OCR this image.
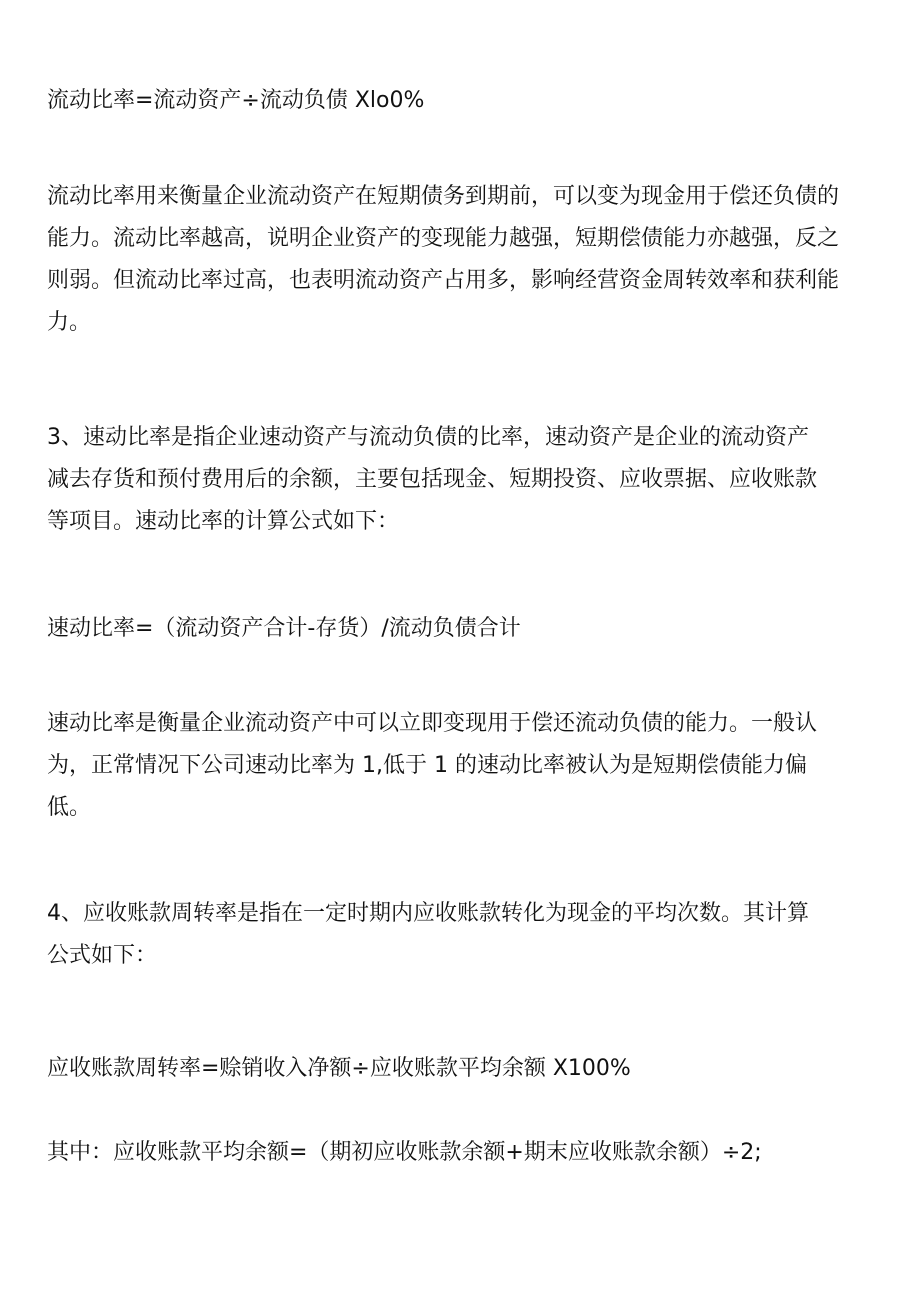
流动比率=流动资产÷流动负债 Xlo0%

流动比率用来衡量企业流动资产在短期债务到期前，可以变为现金用于偿还负债的
能力。流动比率越高，说明企业资产的变现能力越强，短期偿债能力亦越强，反之
则弱。但流动比率过高，也表明流动资产占用多，影响经营资金周转效率和获利能
力。

3、速动比率是指企业速动资产与流动负债的比率，速动资产是企业的流动资产
减去存货和预付费用后的余额，主要包括现金、短期投资、应收票据、应收账款
等项目。速动比率的计算公式如下：

速动比率=（流动资产合计-存货）/流动负债合计

速动比率是衡量企业流动资产中可以立即变现用于偿还流动负债的能力。一般认
为，正常情况下公司速动比率为 1,低于 1 的速动比率被认为是短期偿债能力偏
低。

4、应收账款周转率是指在一定时期内应收账款转化为现金的平均次数。其计算
公式如下：

应收账款周转率=赊销收入净额÷应收账款平均余额 X100%

其中：应收账款平均余额=（期初应收账款余额+期末应收账款余额）÷2;
